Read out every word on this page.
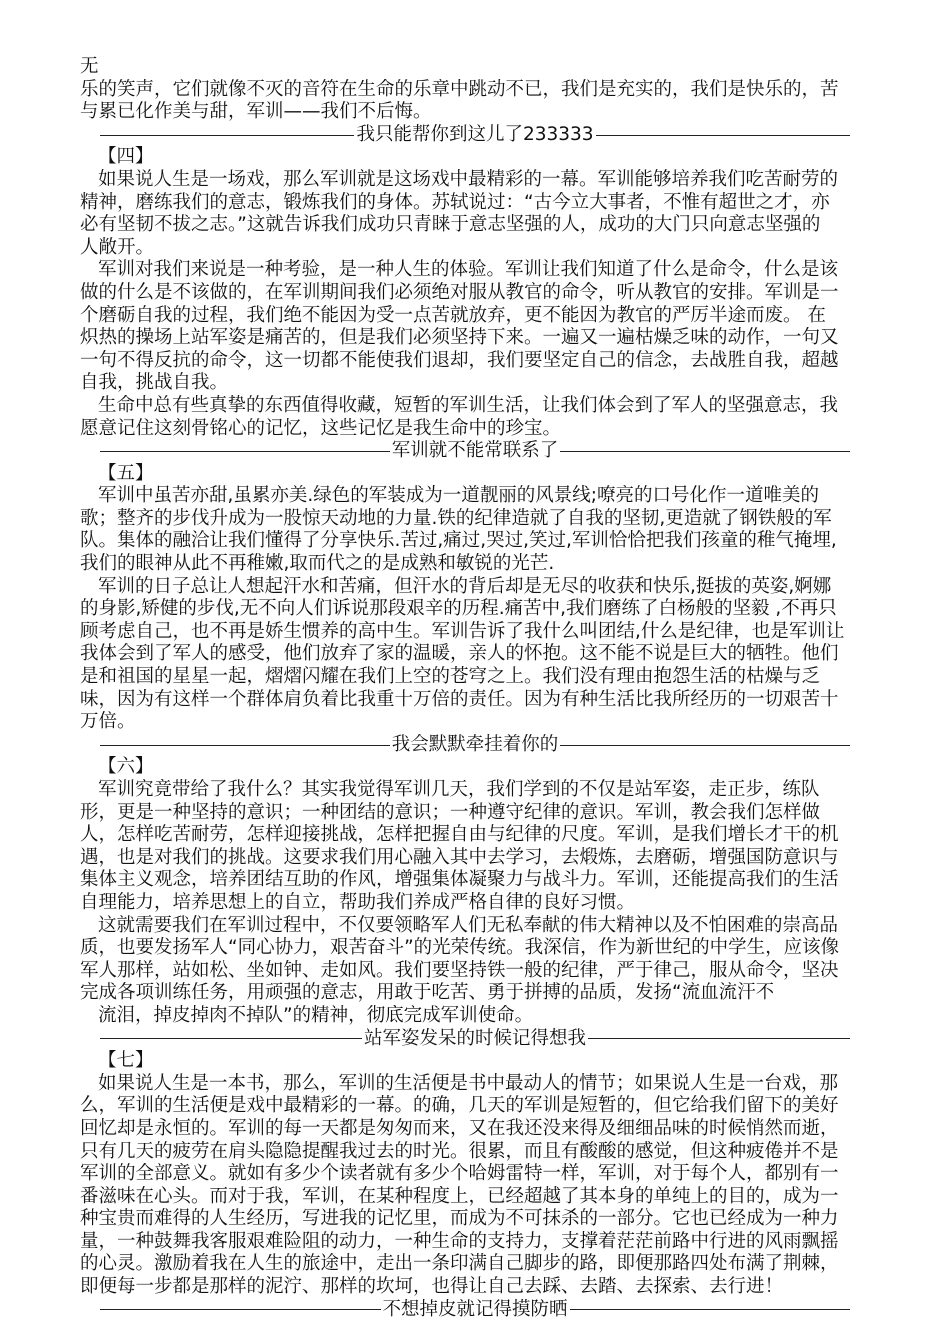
无
乐的笑声，它们就像不灭的音符在生命的乐章中跳动不已，我们是充实的，我们是快乐的，苦
与累已化作美与甜，军训——我们不后悔。
我只能帮你到这儿了233333
【四】
如果说人生是一场戏，那么军训就是这场戏中最精彩的一幕。军训能够培养我们吃苦耐劳的
精神，磨练我们的意志，锻炼我们的身体。苏轼说过：“古今立大事者，不惟有超世之才，亦
必有坚韧不拔之志。”这就告诉我们成功只青睐于意志坚强的人，成功的大门只向意志坚强的
人敞开。
军训对我们来说是一种考验，是一种人生的体验。军训让我们知道了什么是命令，什么是该
做的什么是不该做的，在军训期间我们必须绝对服从教官的命令，听从教官的安排。军训是一
个磨砺自我的过程，我们绝不能因为受一点苦就放弃，更不能因为教官的严厉半途而废。 在
炽热的操场上站军姿是痛苦的，但是我们必须坚持下来。一遍又一遍枯燥乏味的动作，一句又
一句不得反抗的命令，这一切都不能使我们退却，我们要坚定自己的信念，去战胜自我，超越
自我，挑战自我。
生命中总有些真挚的东西值得收藏，短暂的军训生活，让我们体会到了军人的坚强意志，我
愿意记住这刻骨铭心的记忆，这些记忆是我生命中的珍宝。
军训就不能常联系了
【五】
军训中虽苦亦甜,虽累亦美.绿色的军装成为一道靓丽的风景线;嘹亮的口号化作一道唯美的
歌；整齐的步伐升成为一股惊天动地的力量.铁的纪律造就了自我的坚韧,更造就了钢铁般的军
队。集体的融洽让我们懂得了分享快乐.苦过,痛过,哭过,笑过,军训恰恰把我们孩童的稚气掩埋,
我们的眼神从此不再稚嫩,取而代之的是成熟和敏锐的光芒.
军训的日子总让人想起汗水和苦痛，但汗水的背后却是无尽的收获和快乐,挺拔的英姿,婀娜
的身影,矫健的步伐,无不向人们诉说那段艰辛的历程.痛苦中,我们磨练了白杨般的坚毅 ,不再只
顾考虑自己，也不再是娇生惯养的高中生。军训告诉了我什么叫团结,什么是纪律，也是军训让
我体会到了军人的感受，他们放弃了家的温暖，亲人的怀抱。这不能不说是巨大的牺牲。他们
是和祖国的星星一起，熠熠闪耀在我们上空的苍穹之上。我们没有理由抱怨生活的枯燥与乏
味，因为有这样一个群体肩负着比我重十万倍的责任。因为有种生活比我所经历的一切艰苦十
万倍。
我会默默牵挂着你的
【六】
军训究竟带给了我什么？其实我觉得军训几天，我们学到的不仅是站军姿，走正步，练队
形，更是一种坚持的意识；一种团结的意识；一种遵守纪律的意识。军训，教会我们怎样做
人，怎样吃苦耐劳，怎样迎接挑战，怎样把握自由与纪律的尺度。军训，是我们增长才干的机
遇，也是对我们的挑战。这要求我们用心融入其中去学习，去煅炼，去磨砺，增强国防意识与
集体主义观念，培养团结互助的作风，增强集体凝聚力与战斗力。军训，还能提高我们的生活
自理能力，培养思想上的自立，帮助我们养成严格自律的良好习惯。
这就需要我们在军训过程中，不仅要领略军人们无私奉献的伟大精神以及不怕困难的崇高品
质，也要发扬军人“同心协力，艰苦奋斗”的光荣传统。我深信，作为新世纪的中学生，应该像
军人那样，站如松、坐如钟、走如风。我们要坚持铁一般的纪律，严于律己，服从命令，坚决
完成各项训练任务，用顽强的意志，用敢于吃苦、勇于拼搏的品质，发扬“流血流汗不
流泪，掉皮掉肉不掉队”的精神，彻底完成军训使命。
站军姿发呆的时候记得想我
【七】
如果说人生是一本书，那么，军训的生活便是书中最动人的情节；如果说人生是一台戏，那
么，军训的生活便是戏中最精彩的一幕。的确，几天的军训是短暂的，但它给我们留下的美好
回忆却是永恒的。军训的每一天都是匆匆而来，又在我还没来得及细细品味的时候悄然而逝，
只有几天的疲劳在肩头隐隐提醒我过去的时光。很累，而且有酸酸的感觉，但这种疲倦并不是
军训的全部意义。就如有多少个读者就有多少个哈姆雷特一样，军训，对于每个人，都别有一
番滋味在心头。而对于我，军训，在某种程度上，已经超越了其本身的单纯上的目的，成为一
种宝贵而难得的人生经历，写进我的记忆里，而成为不可抹杀的一部分。它也已经成为一种力
量，一种鼓舞我客服艰难险阻的动力，一种生命的支持力，支撑着茫茫前路中行进的风雨飘摇
的心灵。激励着我在人生的旅途中，走出一条印满自己脚步的路，即便那路四处布满了荆棘，
即便每一步都是那样的泥泞、那样的坎坷，也得让自己去踩、去踏、去探索、去行进！
不想掉皮就记得摸防晒
